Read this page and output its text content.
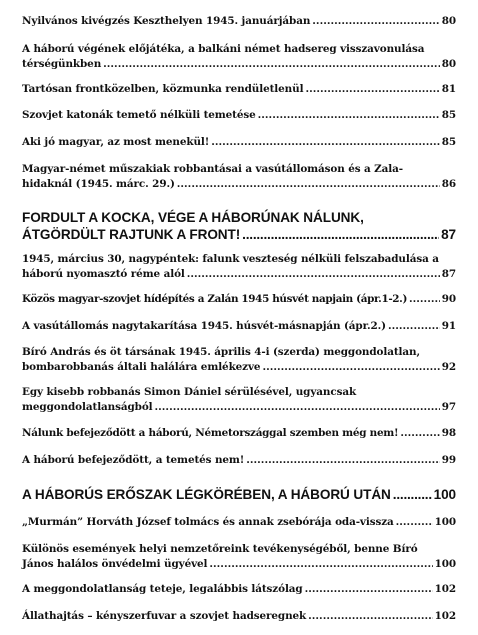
Nyilvános kivégzés Keszthelyen 1945. januárjában . . .	80
A háború végének előjátéka, a balkáni német hadsereg visszavonulása
térségünkben . . .	80
Tartósan frontközelben, közmunka rendületlenül . . .	81
Szovjet katonák temető nélküli temetése . . .	85
Aki jó magyar, az most menekül! . . .	85
Magyar-német műszakiak robbantásai a vasútállomáson és a Zala-
hidaknál (1945. márc. 29.) . . .	86
FORDULT A KOCKA, VÉGE A HÁBORÚNAK NÁLUNK,
ÁTGÖRDÜLT RAJTUNK A FRONT! . . .	87
1945, március 30, nagypéntek: falunk veszteség nélküli felszabadulása a
háború nyomasztó réme alól . . .	87
Közös magyar-szovjet hídépítés a Zalán 1945 húsvét napjain (ápr.1-2.) . . .	90
A vasútállomás nagytakarítása 1945. húsvét-másnapján (ápr.2.) . . .	91
Bíró András és öt társának 1945. április 4-i (szerda) meggondolatlan,
bombarobbanás általi halálára emlékezve . . .	92
Egy kisebb robbanás Simon Dániel sérülésével, ugyancsak
meggondolatlanságból . . .	97
Nálunk befejeződött a háború, Németországgal szemben még nem! . . .	98
A háború befejeződött, a temetés nem! . . .	99
A HÁBORÚS ERŐSZAK LÉGKÖRÉBEN, A HÁBORÚ UTÁN . . .	100
„Murmán” Horváth József tolmács és annak zsebórája oda-vissza . . .	100
Különös események helyi nemzetőreink tevékenységéből, benne Bíró
János halálos önvédelmi ügyével . . .	100
A meggondolatlanság teteje, legalábbis látszólag . . .	102
Állathajtás – kényszerfuvar a szovjet hadseregnek . . .	102
